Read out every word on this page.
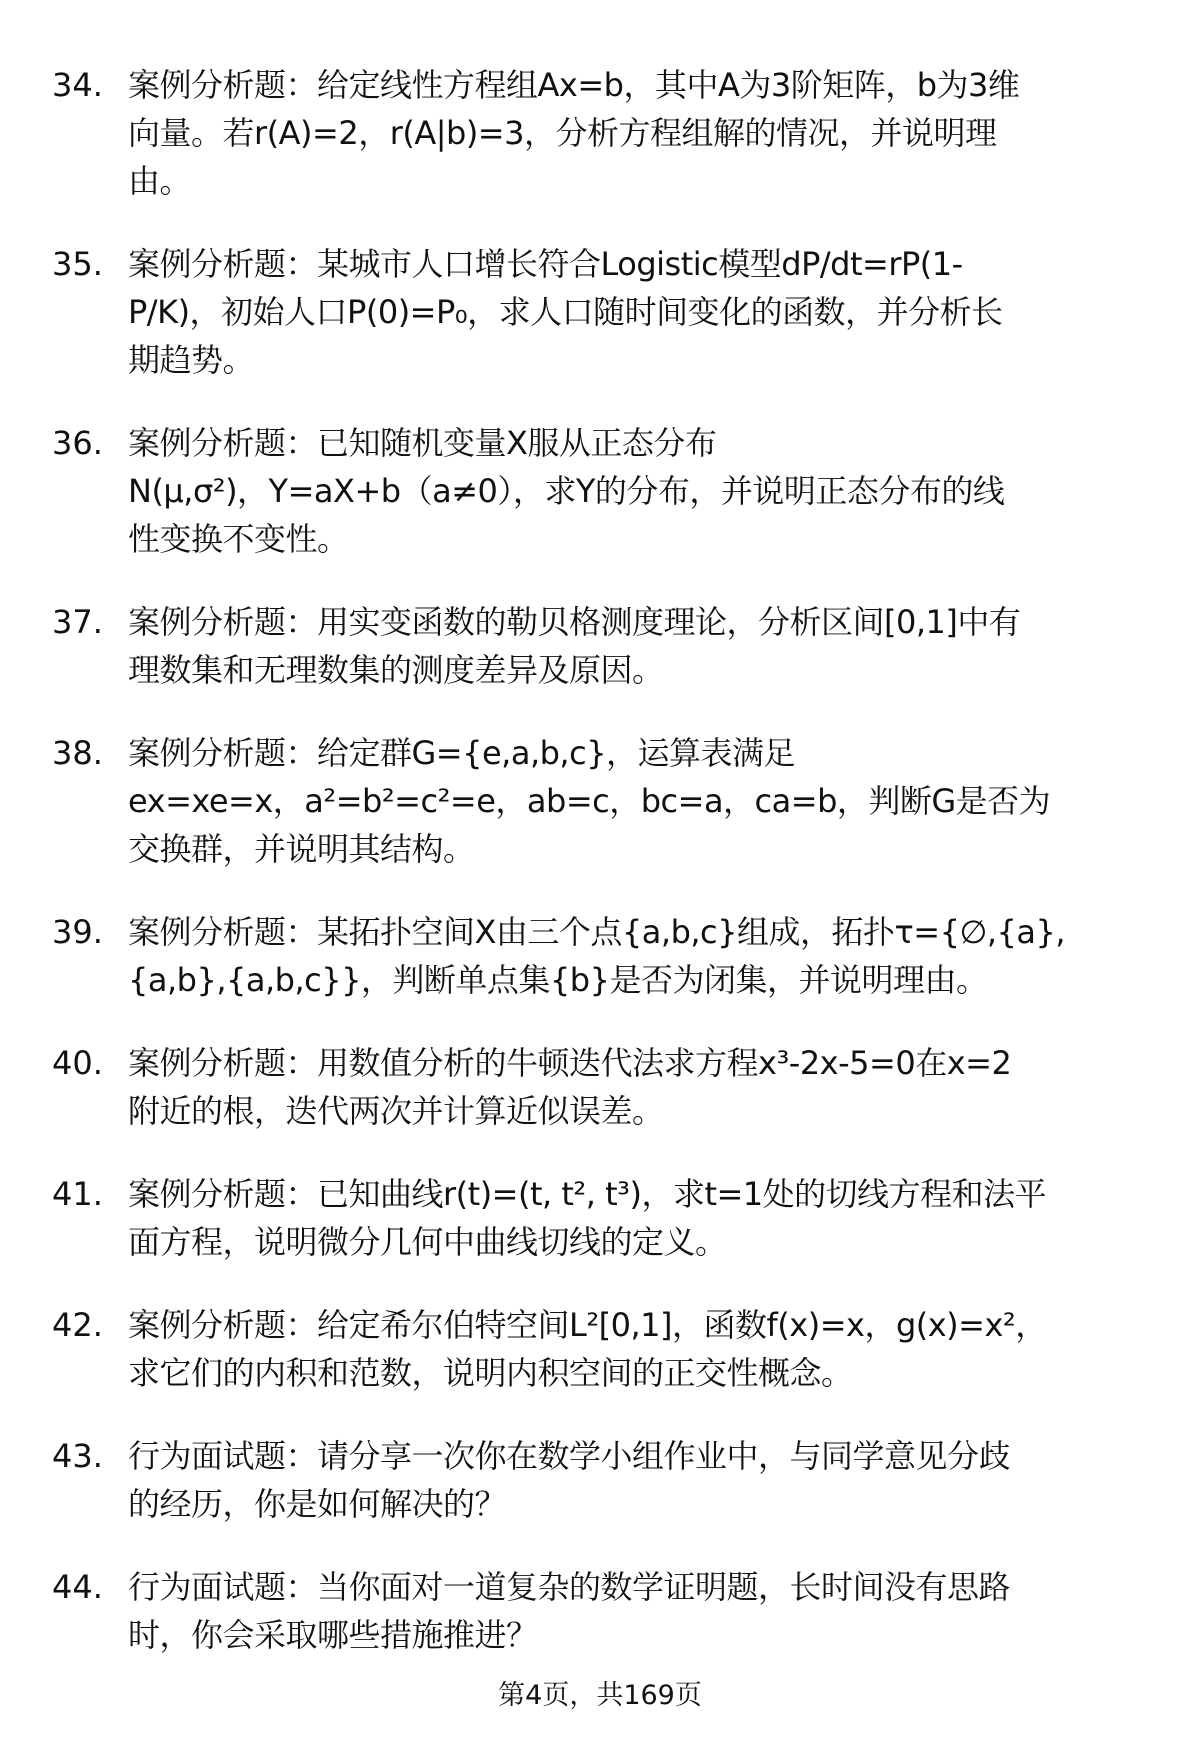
34. 案例分析题：给定线性方程组Ax=b，其中A为3阶矩阵，b为3维
向量。若r(A)=2，r(A|b)=3，分析方程组解的情况，并说明理
由。
35. 案例分析题：某城市人口增长符合Logistic模型dP/dt=rP(1-
P/K)，初始人口P(0)=P₀，求人口随时间变化的函数，并分析长
期趋势。
36. 案例分析题：已知随机变量X服从正态分布
N(μ,σ²)，Y=aX+b（a≠0），求Y的分布，并说明正态分布的线
性变换不变性。
37. 案例分析题：用实变函数的勒贝格测度理论，分析区间[0,1]中有
理数集和无理数集的测度差异及原因。
38. 案例分析题：给定群G={e,a,b,c}，运算表满足
ex=xe=x，a²=b²=c²=e，ab=c，bc=a，ca=b，判断G是否为
交换群，并说明其结构。
39. 案例分析题：某拓扑空间X由三个点{a,b,c}组成，拓扑τ={∅,{a},
{a,b},{a,b,c}}，判断单点集{b}是否为闭集，并说明理由。
40. 案例分析题：用数值分析的牛顿迭代法求方程x³-2x-5=0在x=2
附近的根，迭代两次并计算近似误差。
41. 案例分析题：已知曲线r(t)=(t, t², t³)，求t=1处的切线方程和法平
面方程，说明微分几何中曲线切线的定义。
42. 案例分析题：给定希尔伯特空间L²[0,1]，函数f(x)=x，g(x)=x²，
求它们的内积和范数，说明内积空间的正交性概念。
43. 行为面试题：请分享一次你在数学小组作业中，与同学意见分歧
的经历，你是如何解决的？
44. 行为面试题：当你面对一道复杂的数学证明题，长时间没有思路
时，你会采取哪些措施推进？
第4页，共169页
